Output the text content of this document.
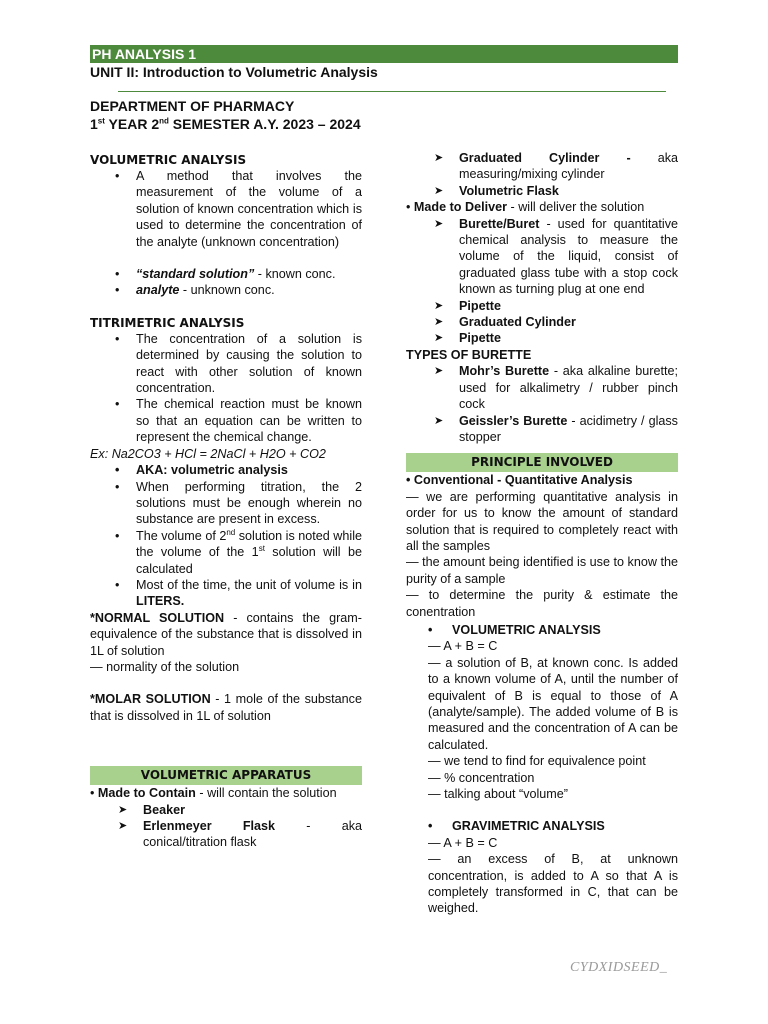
PH ANALYSIS 1
UNIT II: Introduction to Volumetric Analysis
DEPARTMENT OF PHARMACY
1st YEAR 2nd SEMESTER A.Y. 2023 – 2024
VOLUMETRIC ANALYSIS
• A method that involves the measurement of the volume of a solution of known concentration which is used to determine the concentration of the analyte (unknown concentration)
• “standard solution” - known conc.
• analyte - unknown conc.
TITRIMETRIC ANALYSIS
• The concentration of a solution is determined by causing the solution to react with other solution of known concentration.
• The chemical reaction must be known so that an equation can be written to represent the chemical change.
Ex: Na2CO3 + HCl = 2NaCl + H2O + CO2
• AKA: volumetric analysis
• When performing titration, the 2 solutions must be enough wherein no substance are present in excess.
• The volume of 2nd solution is noted while the volume of the 1st solution will be calculated
• Most of the time, the unit of volume is in LITERS.
*NORMAL SOLUTION - contains the gram-equivalence of the substance that is dissolved in 1L of solution
— normality of the solution
*MOLAR SOLUTION - 1 mole of the substance that is dissolved in 1L of solution
VOLUMETRIC APPARATUS
• Made to Contain - will contain the solution
➤ Beaker
➤ Erlenmeyer Flask - aka conical/titration flask
➤ Graduated Cylinder - aka measuring/mixing cylinder
➤ Volumetric Flask
• Made to Deliver - will deliver the solution
➤ Burette/Buret - used for quantitative chemical analysis to measure the volume of the liquid, consist of graduated glass tube with a stop cock known as turning plug at one end
➤ Pipette
➤ Graduated Cylinder
➤ Pipette
TYPES OF BURETTE
➤ Mohr’s Burette - aka alkaline burette; used for alkalimetry / rubber pinch cock
➤ Geissler’s Burette - acidimetry / glass stopper
PRINCIPLE INVOLVED
• Conventional - Quantitative Analysis
— we are performing quantitative analysis in order for us to know the amount of standard solution that is required to completely react with all the samples
— the amount being identified is use to know the purity of a sample
— to determine the purity & estimate the conentration
• VOLUMETRIC ANALYSIS
— A + B = C
— a solution of B, at known conc. Is added to a known volume of A, until the number of equivalent of B is equal to those of A (analyte/sample). The added volume of B is measured and the concentration of A can be calculated.
— we tend to find for equivalence point
— % concentration
— talking about “volume”
• GRAVIMETRIC ANALYSIS
— A + B = C
— an excess of B, at unknown concentration, is added to A so that A is completely transformed in C, that can be weighed.
CYDXIDSEED_
